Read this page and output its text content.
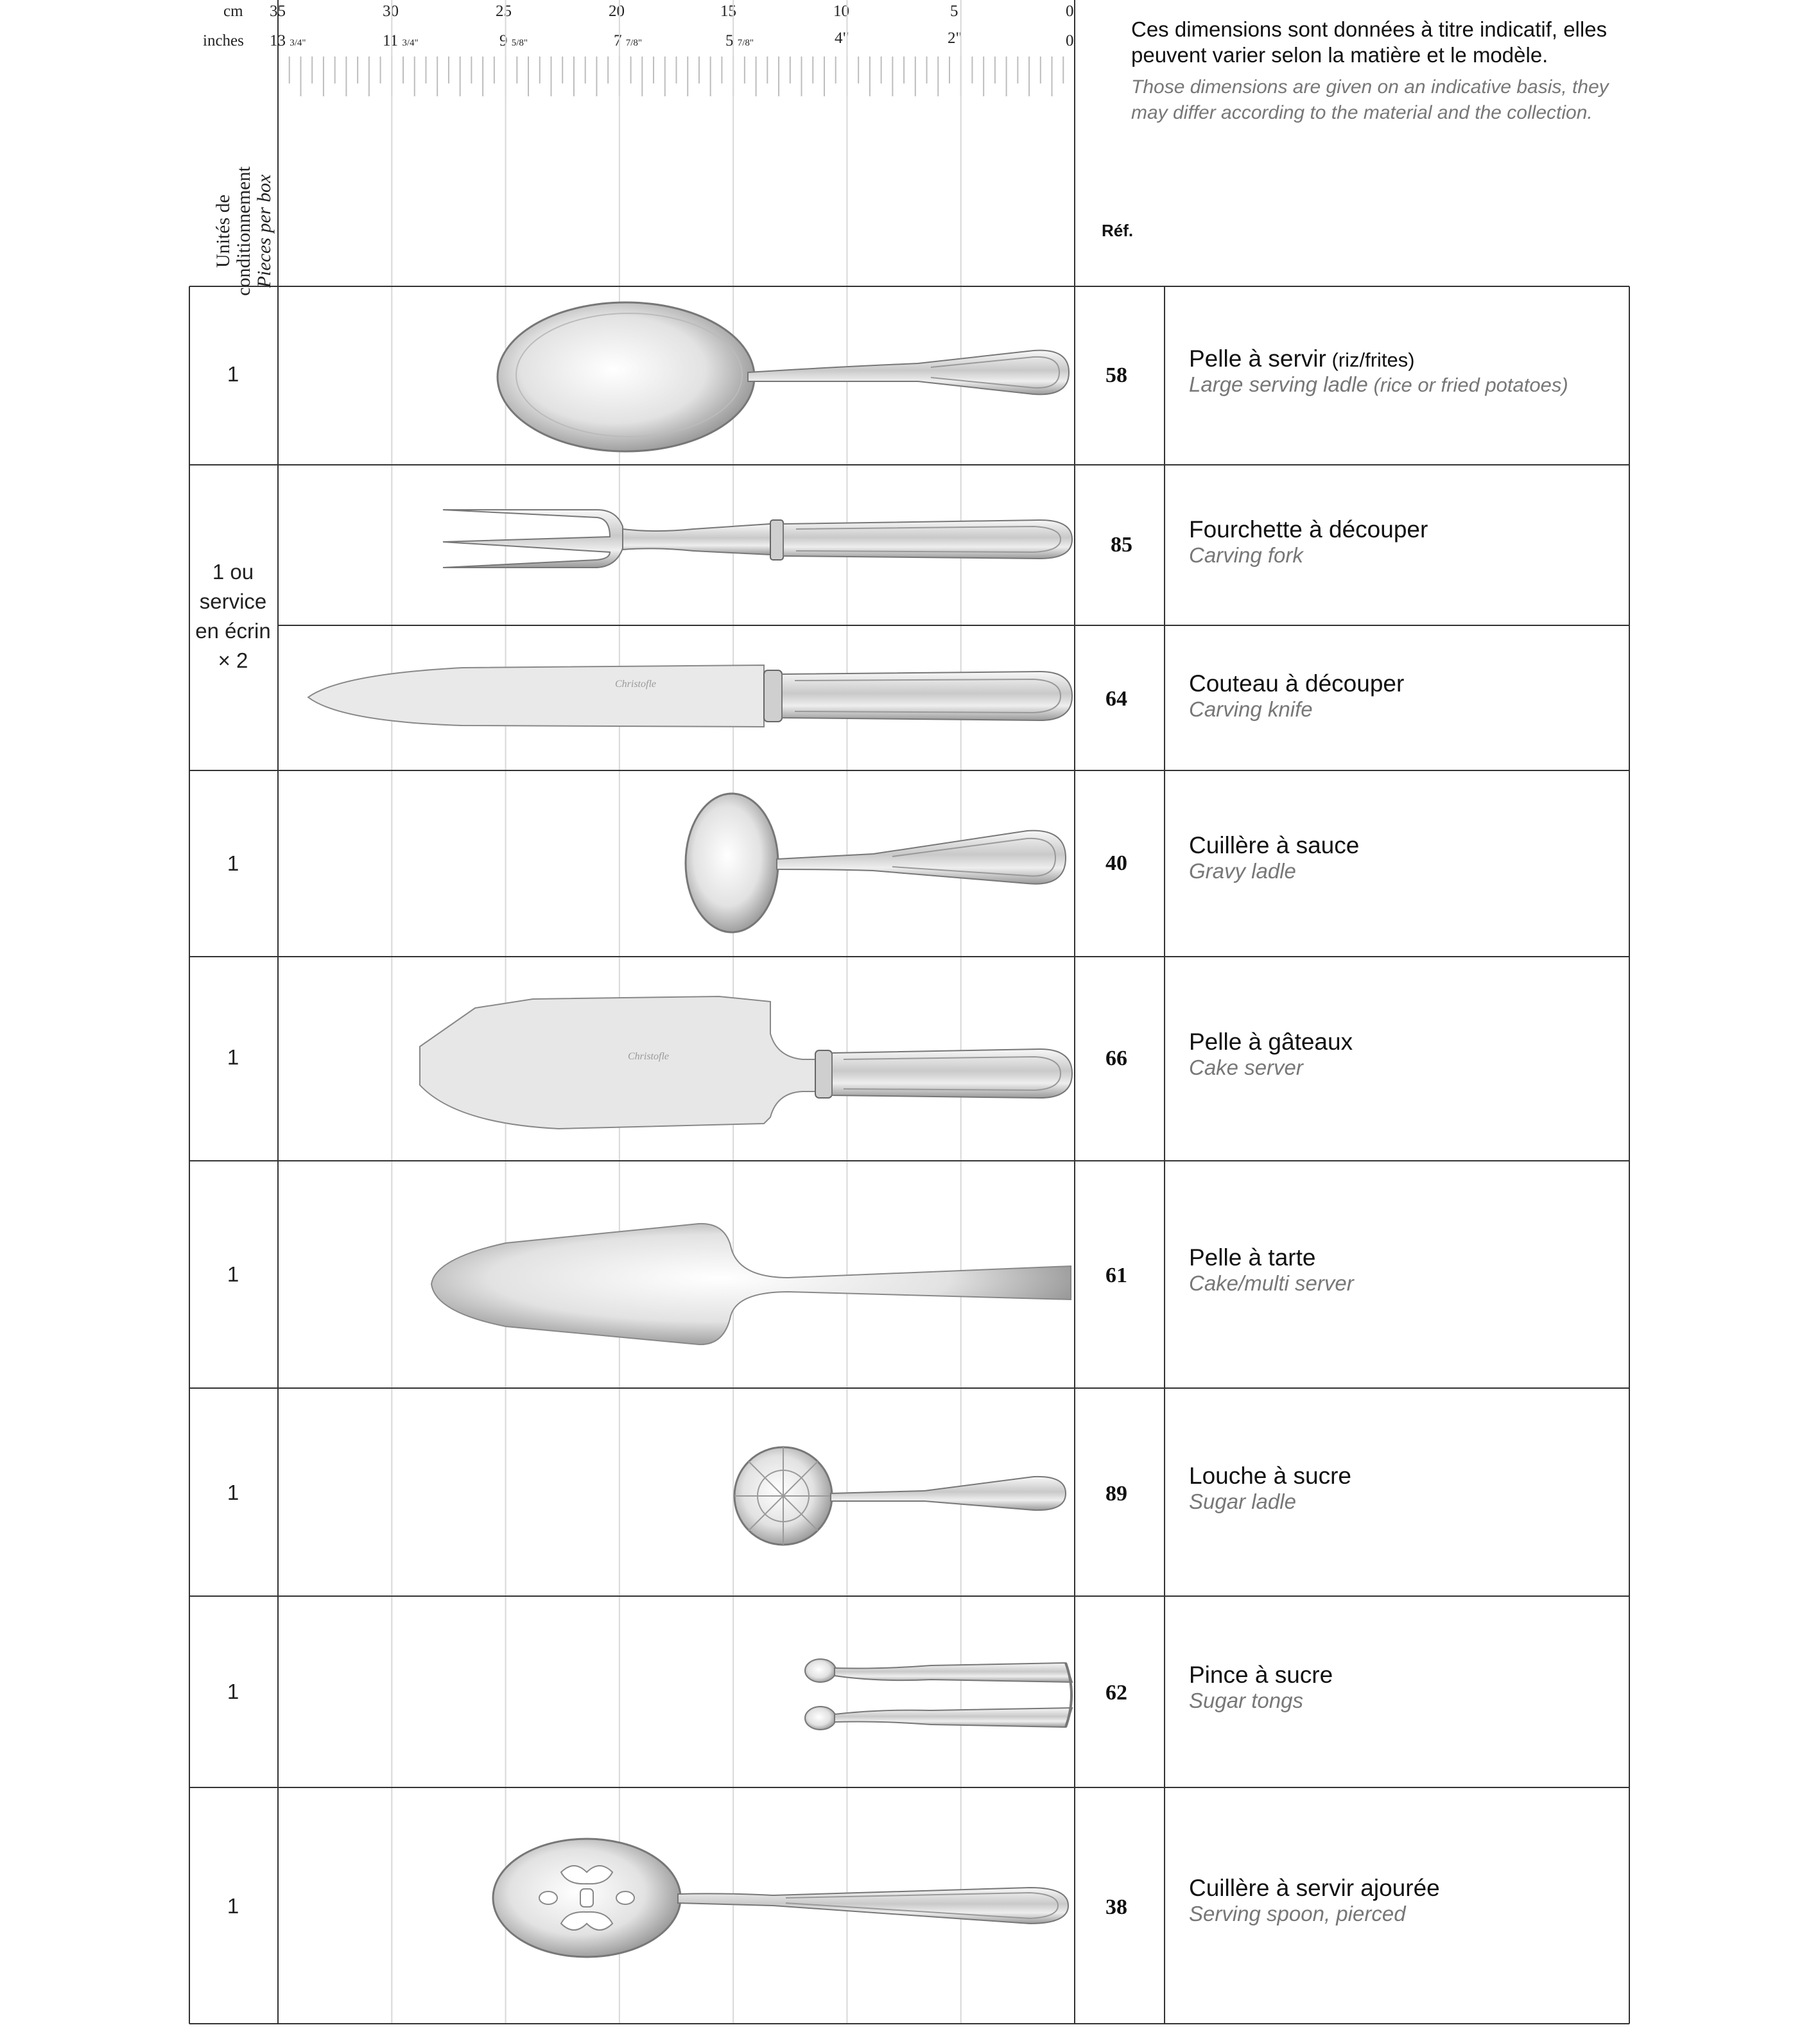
cm
inches
35	30	25	20	15	10	5	0
13 3/4"	11 3/4"	9 5/8"	7 7/8"	5 7/8"	4"	2"	0	Ces dimensions sont données à titre indicatif, elles
peuvent varier selon la matière et le modèle.
Those dimensions are given on an indicative basis, they
may differ according to the material and the collection.
Unités de
conditionnement Pieces per box	Réf.
1	58
Pelle à servir (riz/frites)
Large serving ladle (rice or fried potatoes)
1 ou
service
en écrin
× 2
85
Fourchette à découper
Carving fork
64
Couteau à découper
Carving knife
Christofle
1	40
Cuillère à sauce
Gravy ladle
1	66
Pelle à gâteaux
Cake server
Christofle
1	61
Pelle à tarte
Cake/multi server
1	89
Louche à sucre
Sugar ladle
1	62
Pince à sucre
Sugar tongs
1	38
Cuillère à servir ajourée
Serving spoon, pierced
